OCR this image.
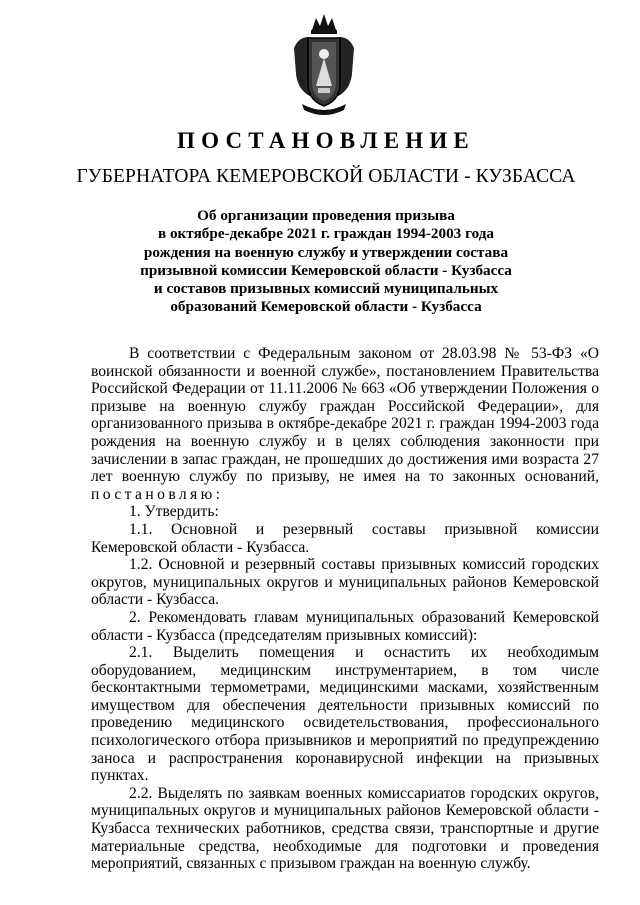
ПОСТАНОВЛЕНИЕ
ГУБЕРНАТОРА КЕМЕРОВСКОЙ ОБЛАСТИ - КУЗБАССА
Об организации проведения призыва
в октябре-декабре 2021 г. граждан 1994-2003 года
рождения на военную службу и утверждении состава
призывной комиссии Кемеровской области - Кузбасса
и составов призывных комиссий муниципальных
образований Кемеровской области - Кузбасса

В соответствии с Федеральным законом от 28.03.98 № 53-ФЗ «О воинской обязанности и военной службе», постановлением Правительства Российской Федерации от 11.11.2006 № 663 «Об утверждении Положения о призыве на военную службу граждан Российской Федерации», для организованного призыва в октябре-декабре 2021 г. граждан 1994-2003 года рождения на военную службу и в целях соблюдения законности при зачислении в запас граждан, не прошедших до достижения ими возраста 27 лет военную службу по призыву, не имея на то законных оснований,

постановляю:

1. Утвердить:

1.1. Основной и резервный составы призывной комиссии Кемеровской области - Кузбасса.

1.2. Основной и резервный составы призывных комиссий городских округов, муниципальных округов и муниципальных районов Кемеровской области - Кузбасса.

2. Рекомендовать главам муниципальных образований Кемеровской области - Кузбасса (председателям призывных комиссий):

2.1. Выделить помещения и оснастить их необходимым оборудованием, медицинским инструментарием, в том числе бесконтактными термометрами, медицинскими масками, хозяйственным имуществом для обеспечения деятельности призывных комиссий по проведению медицинского освидетельствования, профессионального психологического отбора призывников и мероприятий по предупреждению заноса и распространения коронавирусной инфекции на призывных пунктах.

2.2. Выделять по заявкам военных комиссариатов городских округов, муниципальных округов и муниципальных районов Кемеровской области - Кузбасса технических работников, средства связи, транспортные и другие материальные средства, необходимые для подготовки и проведения мероприятий, связанных с призывом граждан на военную службу.
